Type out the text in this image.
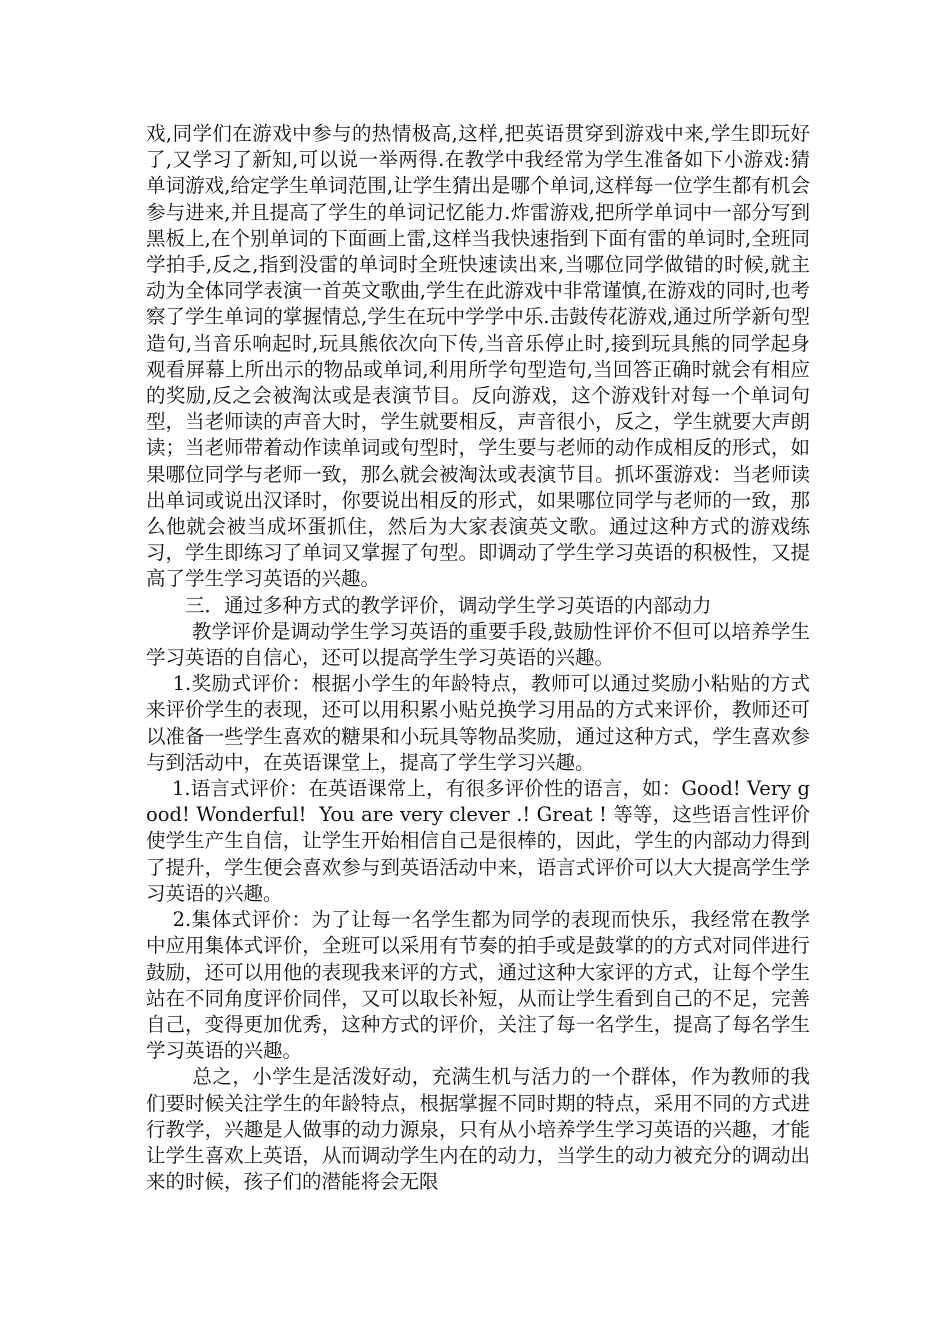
戏,同学们在游戏中参与的热情极高,这样,把英语贯穿到游戏中来,学生即玩好了,又学习了新知,可以说一举两得.在教学中我经常为学生准备如下小游戏:猜单词游戏,给定学生单词范围,让学生猜出是哪个单词,这样每一位学生都有机会参与进来,并且提高了学生的单词记忆能力.炸雷游戏,把所学单词中一部分写到黑板上,在个别单词的下面画上雷,这样当我快速指到下面有雷的单词时,全班同学拍手,反之,指到没雷的单词时全班快速读出来,当哪位同学做错的时候,就主动为全体同学表演一首英文歌曲,学生在此游戏中非常谨慎,在游戏的同时,也考察了学生单词的掌握情总,学生在玩中学学中乐.击鼓传花游戏,通过所学新句型造句,当音乐响起时,玩具熊依次向下传,当音乐停止时,接到玩具熊的同学起身观看屏幕上所出示的物品或单词,利用所学句型造句,当回答正确时就会有相应的奖励,反之会被淘汰或是表演节目。反向游戏，这个游戏针对每一个单词句型，当老师读的声音大时，学生就要相反，声音很小，反之，学生就要大声朗读；当老师带着动作读单词或句型时，学生要与老师的动作成相反的形式，如果哪位同学与老师一致，那么就会被淘汰或表演节目。抓坏蛋游戏：当老师读出单词或说出汉译时，你要说出相反的形式，如果哪位同学与老师的一致，那么他就会被当成坏蛋抓住，然后为大家表演英文歌。通过这种方式的游戏练习，学生即练习了单词又掌握了句型。即调动了学生学习英语的积极性，又提高了学生学习英语的兴趣。

　　三．通过多种方式的教学评价，调动学生学习英语的内部动力

　　 教学评价是调动学生学习英语的重要手段,鼓励性评价不但可以培养学生学习英语的自信心，还可以提高学生学习英语的兴趣。

　 1.奖励式评价：根据小学生的年龄特点，教师可以通过奖励小粘贴的方式来评价学生的表现，还可以用积累小贴兑换学习用品的方式来评价，教师还可以准备一些学生喜欢的糖果和小玩具等物品奖励，通过这种方式，学生喜欢参与到活动中，在英语课堂上，提高了学生学习兴趣。

　 1.语言式评价：在英语课常上，有很多评价性的语言，如：Good! Very good! Wonderful!  You are very clever .! Great ! 等等，这些语言性评价使学生产生自信，让学生开始相信自己是很棒的，因此，学生的内部动力得到了提升，学生便会喜欢参与到英语活动中来，语言式评价可以大大提高学生学习英语的兴趣。

　 2.集体式评价：为了让每一名学生都为同学的表现而快乐，我经常在教学中应用集体式评价，全班可以采用有节奏的拍手或是鼓掌的的方式对同伴进行鼓励，还可以用他的表现我来评的方式，通过这种大家评的方式，让每个学生站在不同角度评价同伴，又可以取长补短，从而让学生看到自己的不足，完善自己，变得更加优秀，这种方式的评价，关注了每一名学生，提高了每名学生学习英语的兴趣。

　　 总之，小学生是活泼好动，充满生机与活力的一个群体，作为教师的我们要时候关注学生的年龄特点，根据掌握不同时期的特点，采用不同的方式进行教学，兴趣是人做事的动力源泉，只有从小培养学生学习英语的兴趣，才能让学生喜欢上英语，从而调动学生内在的动力，当学生的动力被充分的调动出来的时候，孩子们的潜能将会无限
